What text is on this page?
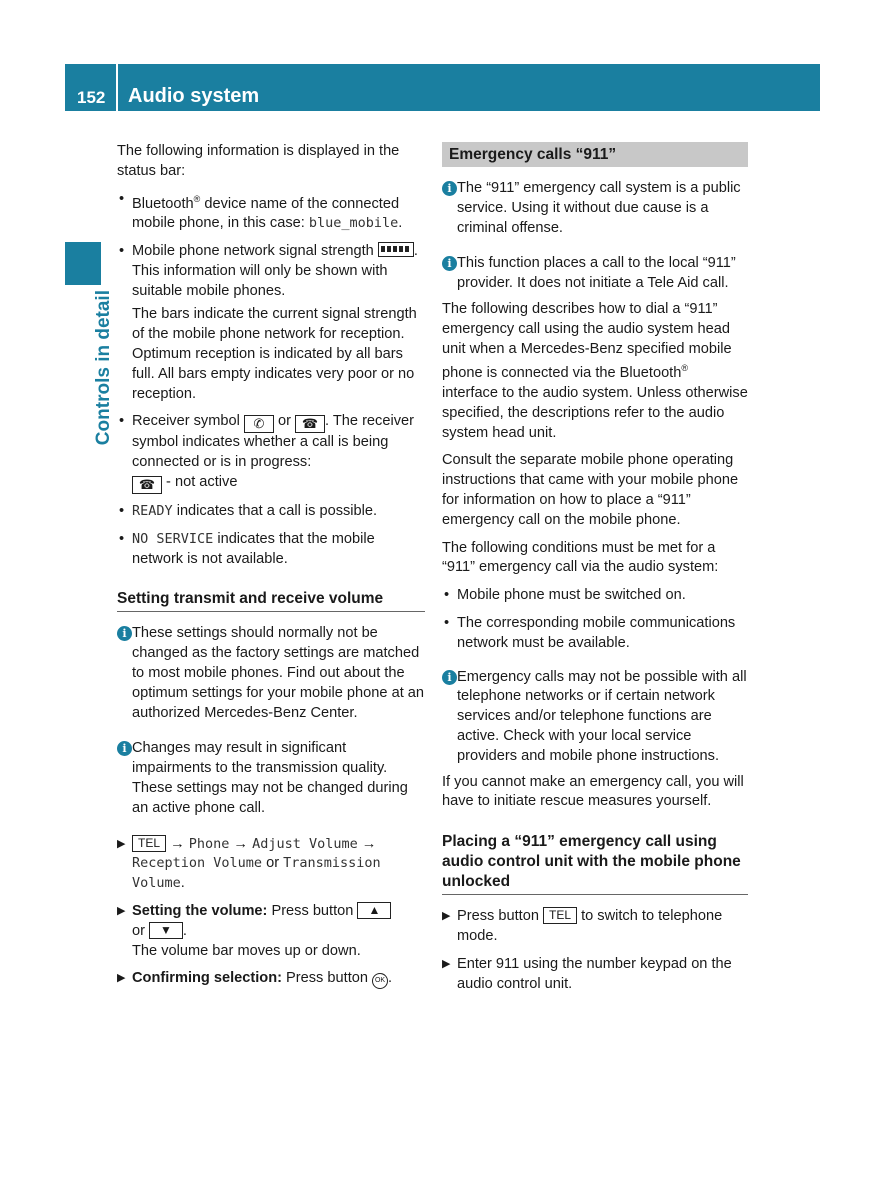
152 Audio system
Controls in detail

The following information is displayed in the status bar:

• Bluetooth® device name of the connected mobile phone, in this case: blue_mobile.
• Mobile phone network signal strength
. This information will only be shown with suitable mobile phones.
The bars indicate the current signal strength of the mobile phone network for reception. Optimum reception is indicated by all bars full. All bars empty indicates very poor or no reception.
• Receiver symbol ✆ or ☎ . The receiver symbol indicates whether a call is being connected or is in progress:
☎ - not active
• READY indicates that a call is possible.
• NO SERVICE indicates that the mobile network is not available.
Setting transmit and receive volume
i These settings should normally not be changed as the factory settings are matched to most mobile phones. Find out about the optimum settings for your mobile phone at an authorized Mercedes-Benz Center.
i Changes may result in significant impairments to the transmission quality. These settings may not be changed during an active phone call.
▶ TEL → Phone → Adjust Volume → Reception Volume or Transmission Volume.
▶ Setting the volume: Press button ▲
or ▼ .
The volume bar moves up or down.
▶ Confirming selection: Press button OK .
Emergency calls “911”
i The “911” emergency call system is a public service. Using it without due cause is a criminal offense.
i This function places a call to the local “911” provider. It does not initiate a Tele Aid call.

The following describes how to dial a “911” emergency call using the audio system head unit when a Mercedes-Benz specified mobile phone is connected via the Bluetooth® interface to the audio system. Unless otherwise specified, the descriptions refer to the audio system head unit.

Consult the separate mobile phone operating instructions that came with your mobile phone for information on how to place a “911” emergency call on the mobile phone.

The following conditions must be met for a “911” emergency call via the audio system:

• Mobile phone must be switched on.
• The corresponding mobile communications network must be available.
i Emergency calls may not be possible with all telephone networks or if certain network services and/or telephone functions are active. Check with your local service providers and mobile phone instructions.

If you cannot make an emergency call, you will have to initiate rescue measures yourself.

Placing a “911” emergency call using audio control unit with the mobile phone unlocked
▶ Press button TEL to switch to telephone mode.
▶ Enter 911 using the number keypad on the audio control unit.
